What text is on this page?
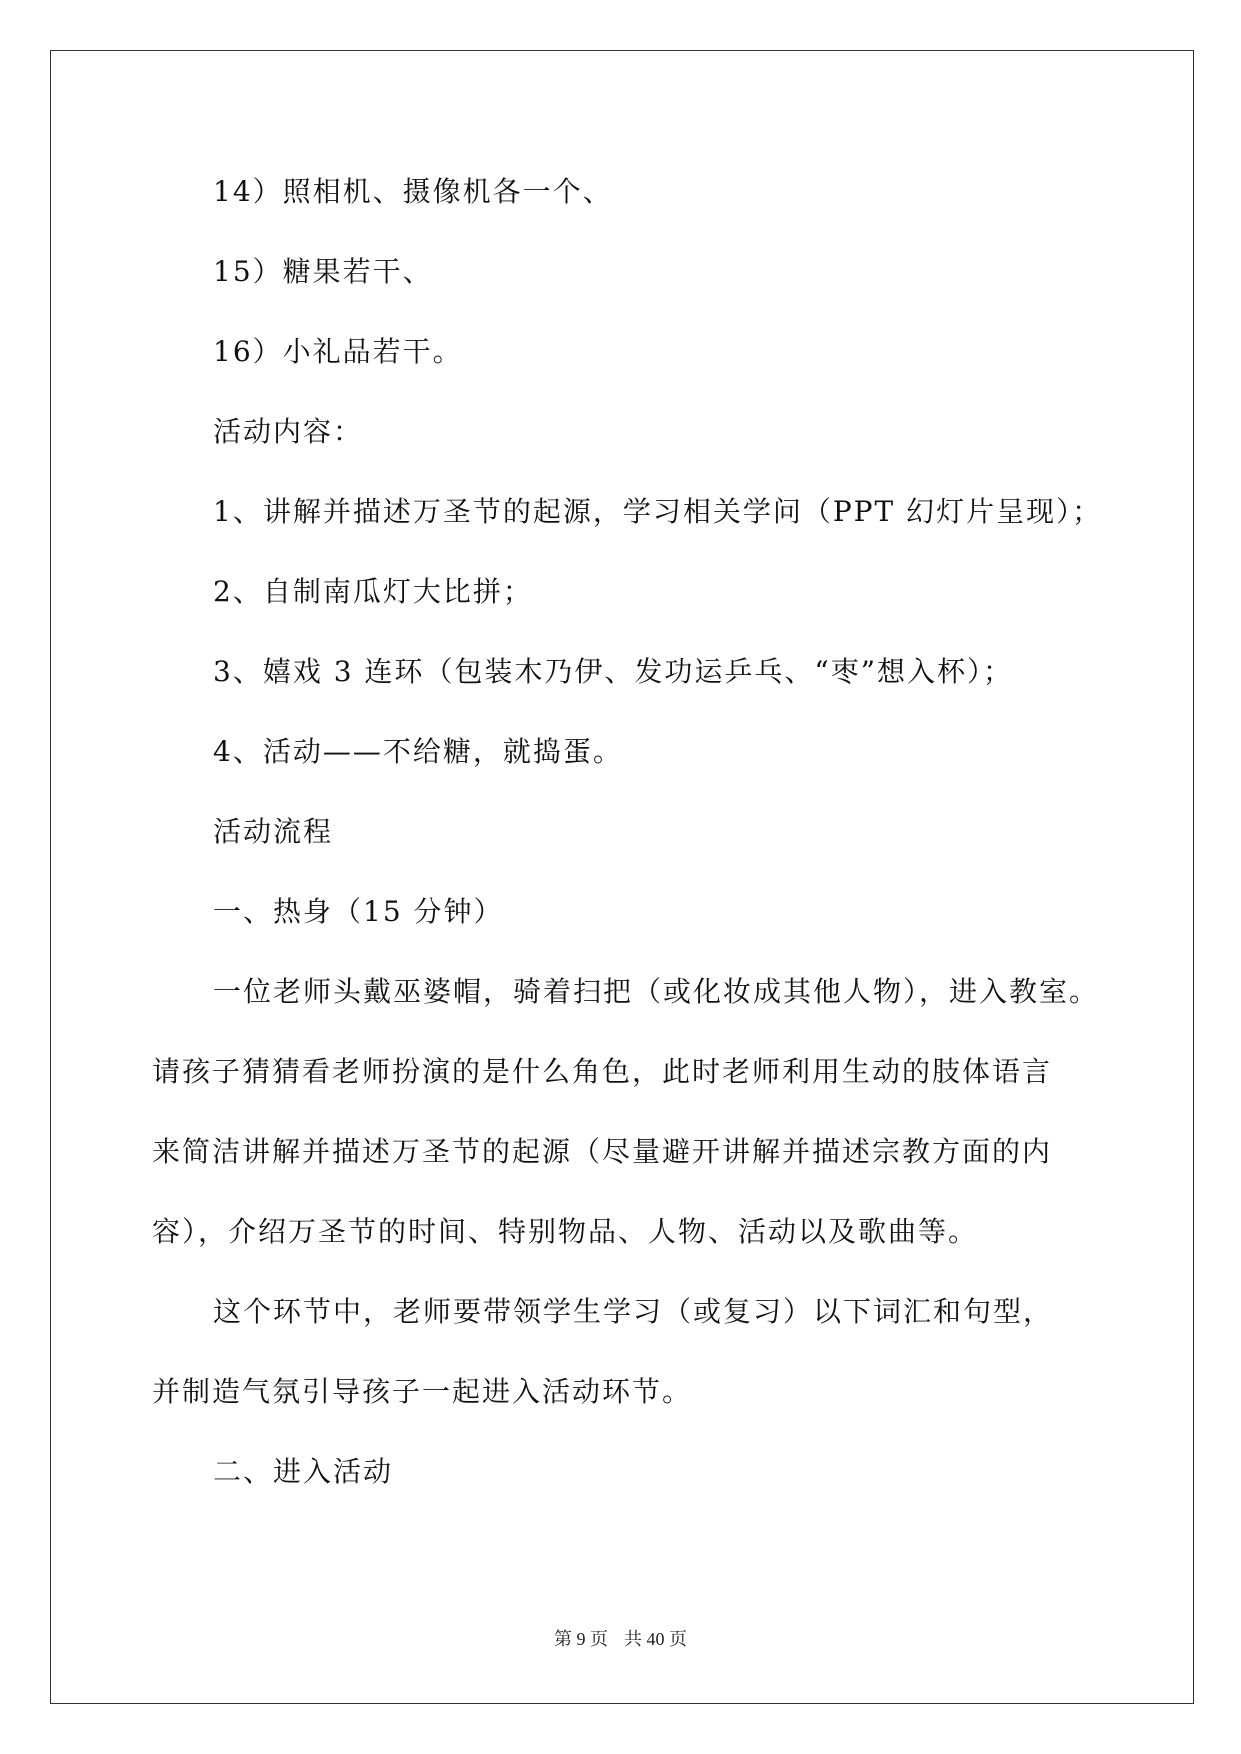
14）照相机、摄像机各一个、
15）糖果若干、
16）小礼品若干。
活动内容：
1、讲解并描述万圣节的起源，学习相关学问（PPT 幻灯片呈现）；
2、自制南瓜灯大比拼；
3、嬉戏 3 连环（包装木乃伊、发功运乒乓、“枣”想入杯）；
4、活动——不给糖，就捣蛋。
活动流程
一、热身（15 分钟）
一位老师头戴巫婆帽，骑着扫把（或化妆成其他人物），进入教室。
请孩子猜猜看老师扮演的是什么角色，此时老师利用生动的肢体语言
来简洁讲解并描述万圣节的起源（尽量避开讲解并描述宗教方面的内
容），介绍万圣节的时间、特别物品、人物、活动以及歌曲等。
这个环节中，老师要带领学生学习（或复习）以下词汇和句型，
并制造气氛引导孩子一起进入活动环节。
二、进入活动
第 9 页 共 40 页
